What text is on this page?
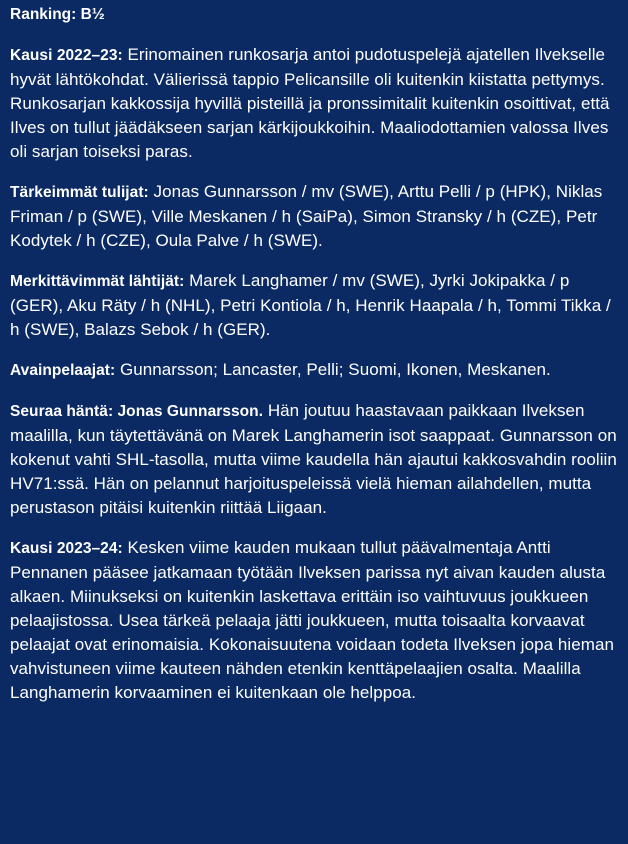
Ranking: B½

Kausi 2022–23: Erinomainen runkosarja antoi pudotuspelejä ajatellen Ilvekselle hyvät lähtökohdat. Välierissä tappio Pelicansille oli kuitenkin kiistatta pettymys. Runkosarjan kakkossija hyvillä pisteillä ja pronssimitalit kuitenkin osoittivat, että Ilves on tullut jäädäkseen sarjan kärkijoukkoihin. Maaliodottamien valossa Ilves oli sarjan toiseksi paras.

Tärkeimmät tulijat: Jonas Gunnarsson / mv (SWE), Arttu Pelli / p (HPK), Niklas Friman / p (SWE), Ville Meskanen / h (SaiPa), Simon Stransky / h (CZE), Petr Kodytek / h (CZE), Oula Palve / h (SWE).

Merkittävimmät lähtijät: Marek Langhamer / mv (SWE), Jyrki Jokipakka / p (GER), Aku Räty / h (NHL), Petri Kontiola / h, Henrik Haapala / h, Tommi Tikka / h (SWE), Balazs Sebok / h (GER).

Avainpelaajat: Gunnarsson; Lancaster, Pelli; Suomi, Ikonen, Meskanen.

Seuraa häntä: Jonas Gunnarsson. Hän joutuu haastavaan paikkaan Ilveksen maalilla, kun täytettävänä on Marek Langhamerin isot saappaat. Gunnarsson on kokenut vahti SHL-tasolla, mutta viime kaudella hän ajautui kakkosvahdin rooliin HV71:ssä. Hän on pelannut harjoituspeleissä vielä hieman ailahdellen, mutta perustason pitäisi kuitenkin riittää Liigaan.

Kausi 2023–24: Kesken viime kauden mukaan tullut päävalmentaja Antti Pennanen pääsee jatkamaan työtään Ilveksen parissa nyt aivan kauden alusta alkaen. Miinukseksi on kuitenkin laskettava erittäin iso vaihtuvuus joukkueen pelaajistossa. Usea tärkeä pelaaja jätti joukkueen, mutta toisaalta korvaavat pelaajat ovat erinomaisia. Kokonaisuutena voidaan todeta Ilveksen jopa hieman vahvistuneen viime kauteen nähden etenkin kenttäpelaajien osalta. Maalilla Langhamerin korvaaminen ei kuitenkaan ole helppoa.
